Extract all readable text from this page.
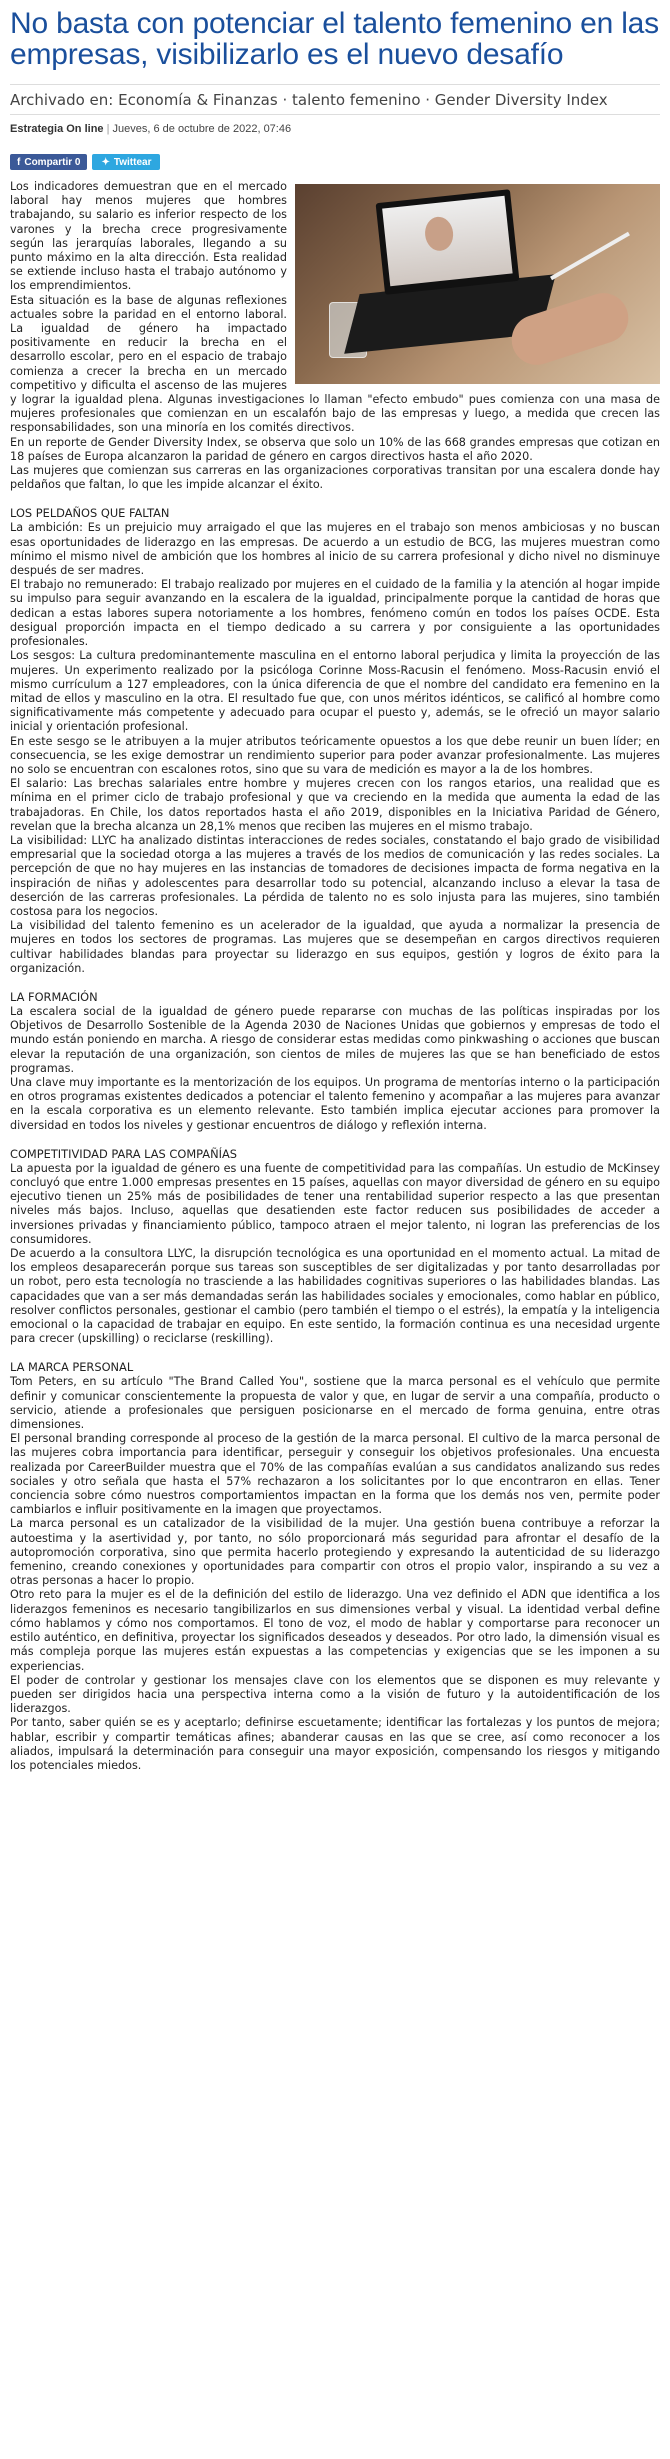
No basta con potenciar el talento femenino en las empresas, visibilizarlo es el nuevo desafío
Archivado en: Economía & Finanzas · talento femenino · Gender Diversity Index
Estrategia On line | Jueves, 6 de octubre de 2022, 07:46
f Compartir 0 ✦ Twittear

Los indicadores demuestran que en el mercado laboral hay menos mujeres que hombres trabajando, su salario es inferior respecto de los varones y la brecha crece progresivamente según las jerarquías laborales, llegando a su punto máximo en la alta dirección. Esta realidad se extiende incluso hasta el trabajo autónomo y los emprendimientos.

Esta situación es la base de algunas reflexiones actuales sobre la paridad en el entorno laboral. La igualdad de género ha impactado positivamente en reducir la brecha en el desarrollo escolar, pero en el espacio de trabajo comienza a crecer la brecha en un mercado competitivo y dificulta el ascenso de las mujeres y lograr la igualdad plena. Algunas investigaciones lo llaman "efecto embudo" pues comienza con una masa de mujeres profesionales que comienzan en un escalafón bajo de las empresas y luego, a medida que crecen las responsabilidades, son una minoría en los comités directivos.

En un reporte de Gender Diversity Index, se observa que solo un 10% de las 668 grandes empresas que cotizan en 18 países de Europa alcanzaron la paridad de género en cargos directivos hasta el año 2020.

Las mujeres que comienzan sus carreras en las organizaciones corporativas transitan por una escalera donde hay peldaños que faltan, lo que les impide alcanzar el éxito.

LOS PELDAÑOS QUE FALTAN

La ambición: Es un prejuicio muy arraigado el que las mujeres en el trabajo son menos ambiciosas y no buscan esas oportunidades de liderazgo en las empresas. De acuerdo a un estudio de BCG, las mujeres muestran como mínimo el mismo nivel de ambición que los hombres al inicio de su carrera profesional y dicho nivel no disminuye después de ser madres.

El trabajo no remunerado: El trabajo realizado por mujeres en el cuidado de la familia y la atención al hogar impide su impulso para seguir avanzando en la escalera de la igualdad, principalmente porque la cantidad de horas que dedican a estas labores supera notoriamente a los hombres, fenómeno común en todos los países OCDE. Esta desigual proporción impacta en el tiempo dedicado a su carrera y por consiguiente a las oportunidades profesionales.

Los sesgos: La cultura predominantemente masculina en el entorno laboral perjudica y limita la proyección de las mujeres. Un experimento realizado por la psicóloga Corinne Moss-Racusin el fenómeno. Moss-Racusin envió el mismo currículum a 127 empleadores, con la única diferencia de que el nombre del candidato era femenino en la mitad de ellos y masculino en la otra. El resultado fue que, con unos méritos idénticos, se calificó al hombre como significativamente más competente y adecuado para ocupar el puesto y, además, se le ofreció un mayor salario inicial y orientación profesional.

En este sesgo se le atribuyen a la mujer atributos teóricamente opuestos a los que debe reunir un buen líder; en consecuencia, se les exige demostrar un rendimiento superior para poder avanzar profesionalmente. Las mujeres no solo se encuentran con escalones rotos, sino que su vara de medición es mayor a la de los hombres.

El salario: Las brechas salariales entre hombre y mujeres crecen con los rangos etarios, una realidad que es mínima en el primer ciclo de trabajo profesional y que va creciendo en la medida que aumenta la edad de las trabajadoras. En Chile, los datos reportados hasta el año 2019, disponibles en la Iniciativa Paridad de Género, revelan que la brecha alcanza un 28,1% menos que reciben las mujeres en el mismo trabajo.

La visibilidad: LLYC ha analizado distintas interacciones de redes sociales, constatando el bajo grado de visibilidad empresarial que la sociedad otorga a las mujeres a través de los medios de comunicación y las redes sociales. La percepción de que no hay mujeres en las instancias de tomadores de decisiones impacta de forma negativa en la inspiración de niñas y adolescentes para desarrollar todo su potencial, alcanzando incluso a elevar la tasa de deserción de las carreras profesionales. La pérdida de talento no es solo injusta para las mujeres, sino también costosa para los negocios.

La visibilidad del talento femenino es un acelerador de la igualdad, que ayuda a normalizar la presencia de mujeres en todos los sectores de programas. Las mujeres que se desempeñan en cargos directivos requieren cultivar habilidades blandas para proyectar su liderazgo en sus equipos, gestión y logros de éxito para la organización.

LA FORMACIÓN

La escalera social de la igualdad de género puede repararse con muchas de las políticas inspiradas por los Objetivos de Desarrollo Sostenible de la Agenda 2030 de Naciones Unidas que gobiernos y empresas de todo el mundo están poniendo en marcha. A riesgo de considerar estas medidas como pinkwashing o acciones que buscan elevar la reputación de una organización, son cientos de miles de mujeres las que se han beneficiado de estos programas.

Una clave muy importante es la mentorización de los equipos. Un programa de mentorías interno o la participación en otros programas existentes dedicados a potenciar el talento femenino y acompañar a las mujeres para avanzar en la escala corporativa es un elemento relevante. Esto también implica ejecutar acciones para promover la diversidad en todos los niveles y gestionar encuentros de diálogo y reflexión interna.

COMPETITIVIDAD PARA LAS COMPAÑÍAS

La apuesta por la igualdad de género es una fuente de competitividad para las compañías. Un estudio de McKinsey concluyó que entre 1.000 empresas presentes en 15 países, aquellas con mayor diversidad de género en su equipo ejecutivo tienen un 25% más de posibilidades de tener una rentabilidad superior respecto a las que presentan niveles más bajos. Incluso, aquellas que desatienden este factor reducen sus posibilidades de acceder a inversiones privadas y financiamiento público, tampoco atraen el mejor talento, ni logran las preferencias de los consumidores.

De acuerdo a la consultora LLYC, la disrupción tecnológica es una oportunidad en el momento actual. La mitad de los empleos desaparecerán porque sus tareas son susceptibles de ser digitalizadas y por tanto desarrolladas por un robot, pero esta tecnología no trasciende a las habilidades cognitivas superiores o las habilidades blandas. Las capacidades que van a ser más demandadas serán las habilidades sociales y emocionales, como hablar en público, resolver conflictos personales, gestionar el cambio (pero también el tiempo o el estrés), la empatía y la inteligencia emocional o la capacidad de trabajar en equipo. En este sentido, la formación continua es una necesidad urgente para crecer (upskilling) o reciclarse (reskilling).

LA MARCA PERSONAL

Tom Peters, en su artículo "The Brand Called You", sostiene que la marca personal es el vehículo que permite definir y comunicar conscientemente la propuesta de valor y que, en lugar de servir a una compañía, producto o servicio, atiende a profesionales que persiguen posicionarse en el mercado de forma genuina, entre otras dimensiones.

El personal branding corresponde al proceso de la gestión de la marca personal. El cultivo de la marca personal de las mujeres cobra importancia para identificar, perseguir y conseguir los objetivos profesionales. Una encuesta realizada por CareerBuilder muestra que el 70% de las compañías evalúan a sus candidatos analizando sus redes sociales y otro señala que hasta el 57% rechazaron a los solicitantes por lo que encontraron en ellas. Tener conciencia sobre cómo nuestros comportamientos impactan en la forma que los demás nos ven, permite poder cambiarlos e influir positivamente en la imagen que proyectamos.

La marca personal es un catalizador de la visibilidad de la mujer. Una gestión buena contribuye a reforzar la autoestima y la asertividad y, por tanto, no sólo proporcionará más seguridad para afrontar el desafío de la autopromoción corporativa, sino que permita hacerlo protegiendo y expresando la autenticidad de su liderazgo femenino, creando conexiones y oportunidades para compartir con otros el propio valor, inspirando a su vez a otras personas a hacer lo propio.

Otro reto para la mujer es el de la definición del estilo de liderazgo. Una vez definido el ADN que identifica a los liderazgos femeninos es necesario tangibilizarlos en sus dimensiones verbal y visual. La identidad verbal define cómo hablamos y cómo nos comportamos. El tono de voz, el modo de hablar y comportarse para reconocer un estilo auténtico, en definitiva, proyectar los significados deseados y deseados. Por otro lado, la dimensión visual es más compleja porque las mujeres están expuestas a las competencias y exigencias que se les imponen a su experiencias.

El poder de controlar y gestionar los mensajes clave con los elementos que se disponen es muy relevante y pueden ser dirigidos hacia una perspectiva interna como a la visión de futuro y la autoidentificación de los liderazgos.

Por tanto, saber quién se es y aceptarlo; definirse escuetamente; identificar las fortalezas y los puntos de mejora; hablar, escribir y compartir temáticas afines; abanderar causas en las que se cree, así como reconocer a los aliados, impulsará la determinación para conseguir una mayor exposición, compensando los riesgos y mitigando los potenciales miedos.
